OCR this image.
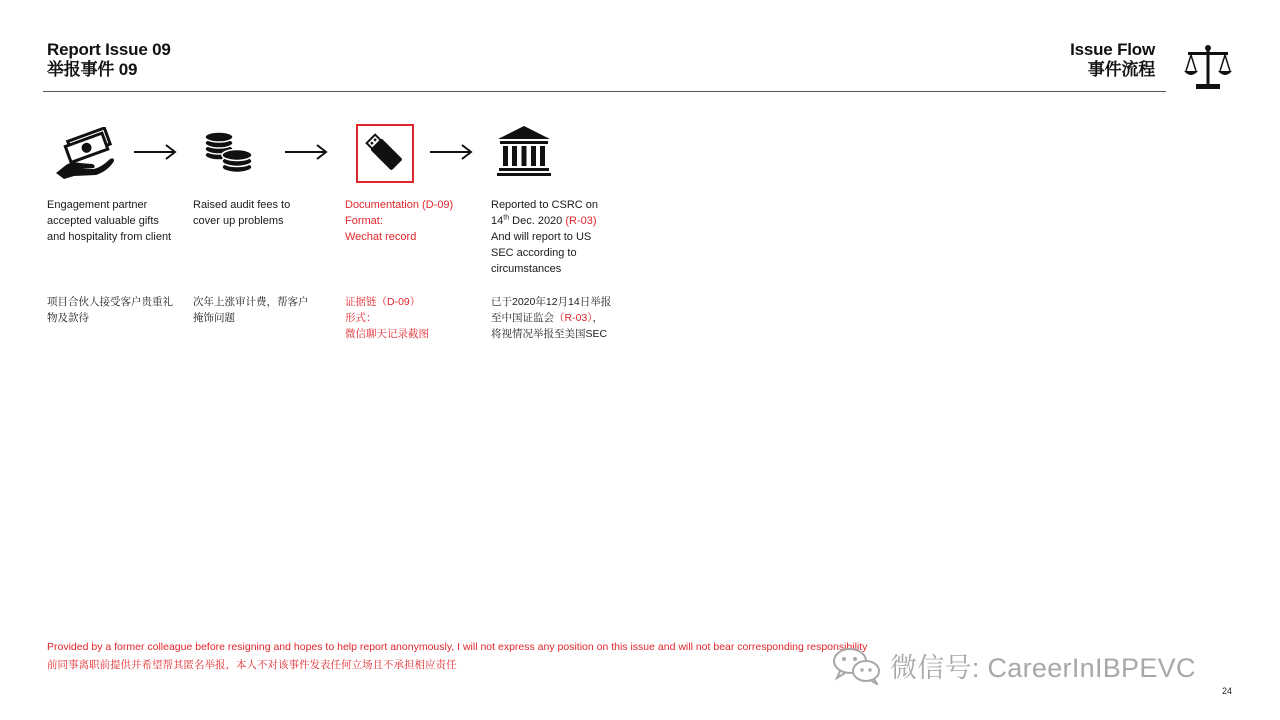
Report Issue 09
举报事件 09
Issue Flow
事件流程
Engagement partner
accepted valuable gifts
and hospitality from client
项目合伙人接受客户贵重礼
物及款待
Raised audit fees to
cover up problems
次年上涨审计费，帮客户
掩饰问题
Documentation (D-09)
Format:
Wechat record
证据链（D-09）
形式：
微信聊天记录截图
Reported to CSRC on
14th Dec. 2020 (R-03)
And will report to US
SEC according to
circumstances
已于2020年12月14日举报
至中国证监会（R-03），
将视情况举报至美国SEC
Provided by a former colleague before resigning and hopes to help report anonymously, I will not express any position on this issue and will not bear corresponding responsibility
前同事离职前提供并希望帮其匿名举报，本人不对该事件发表任何立场且不承担相应责任	微信号: CareerInIBPEVC
24
